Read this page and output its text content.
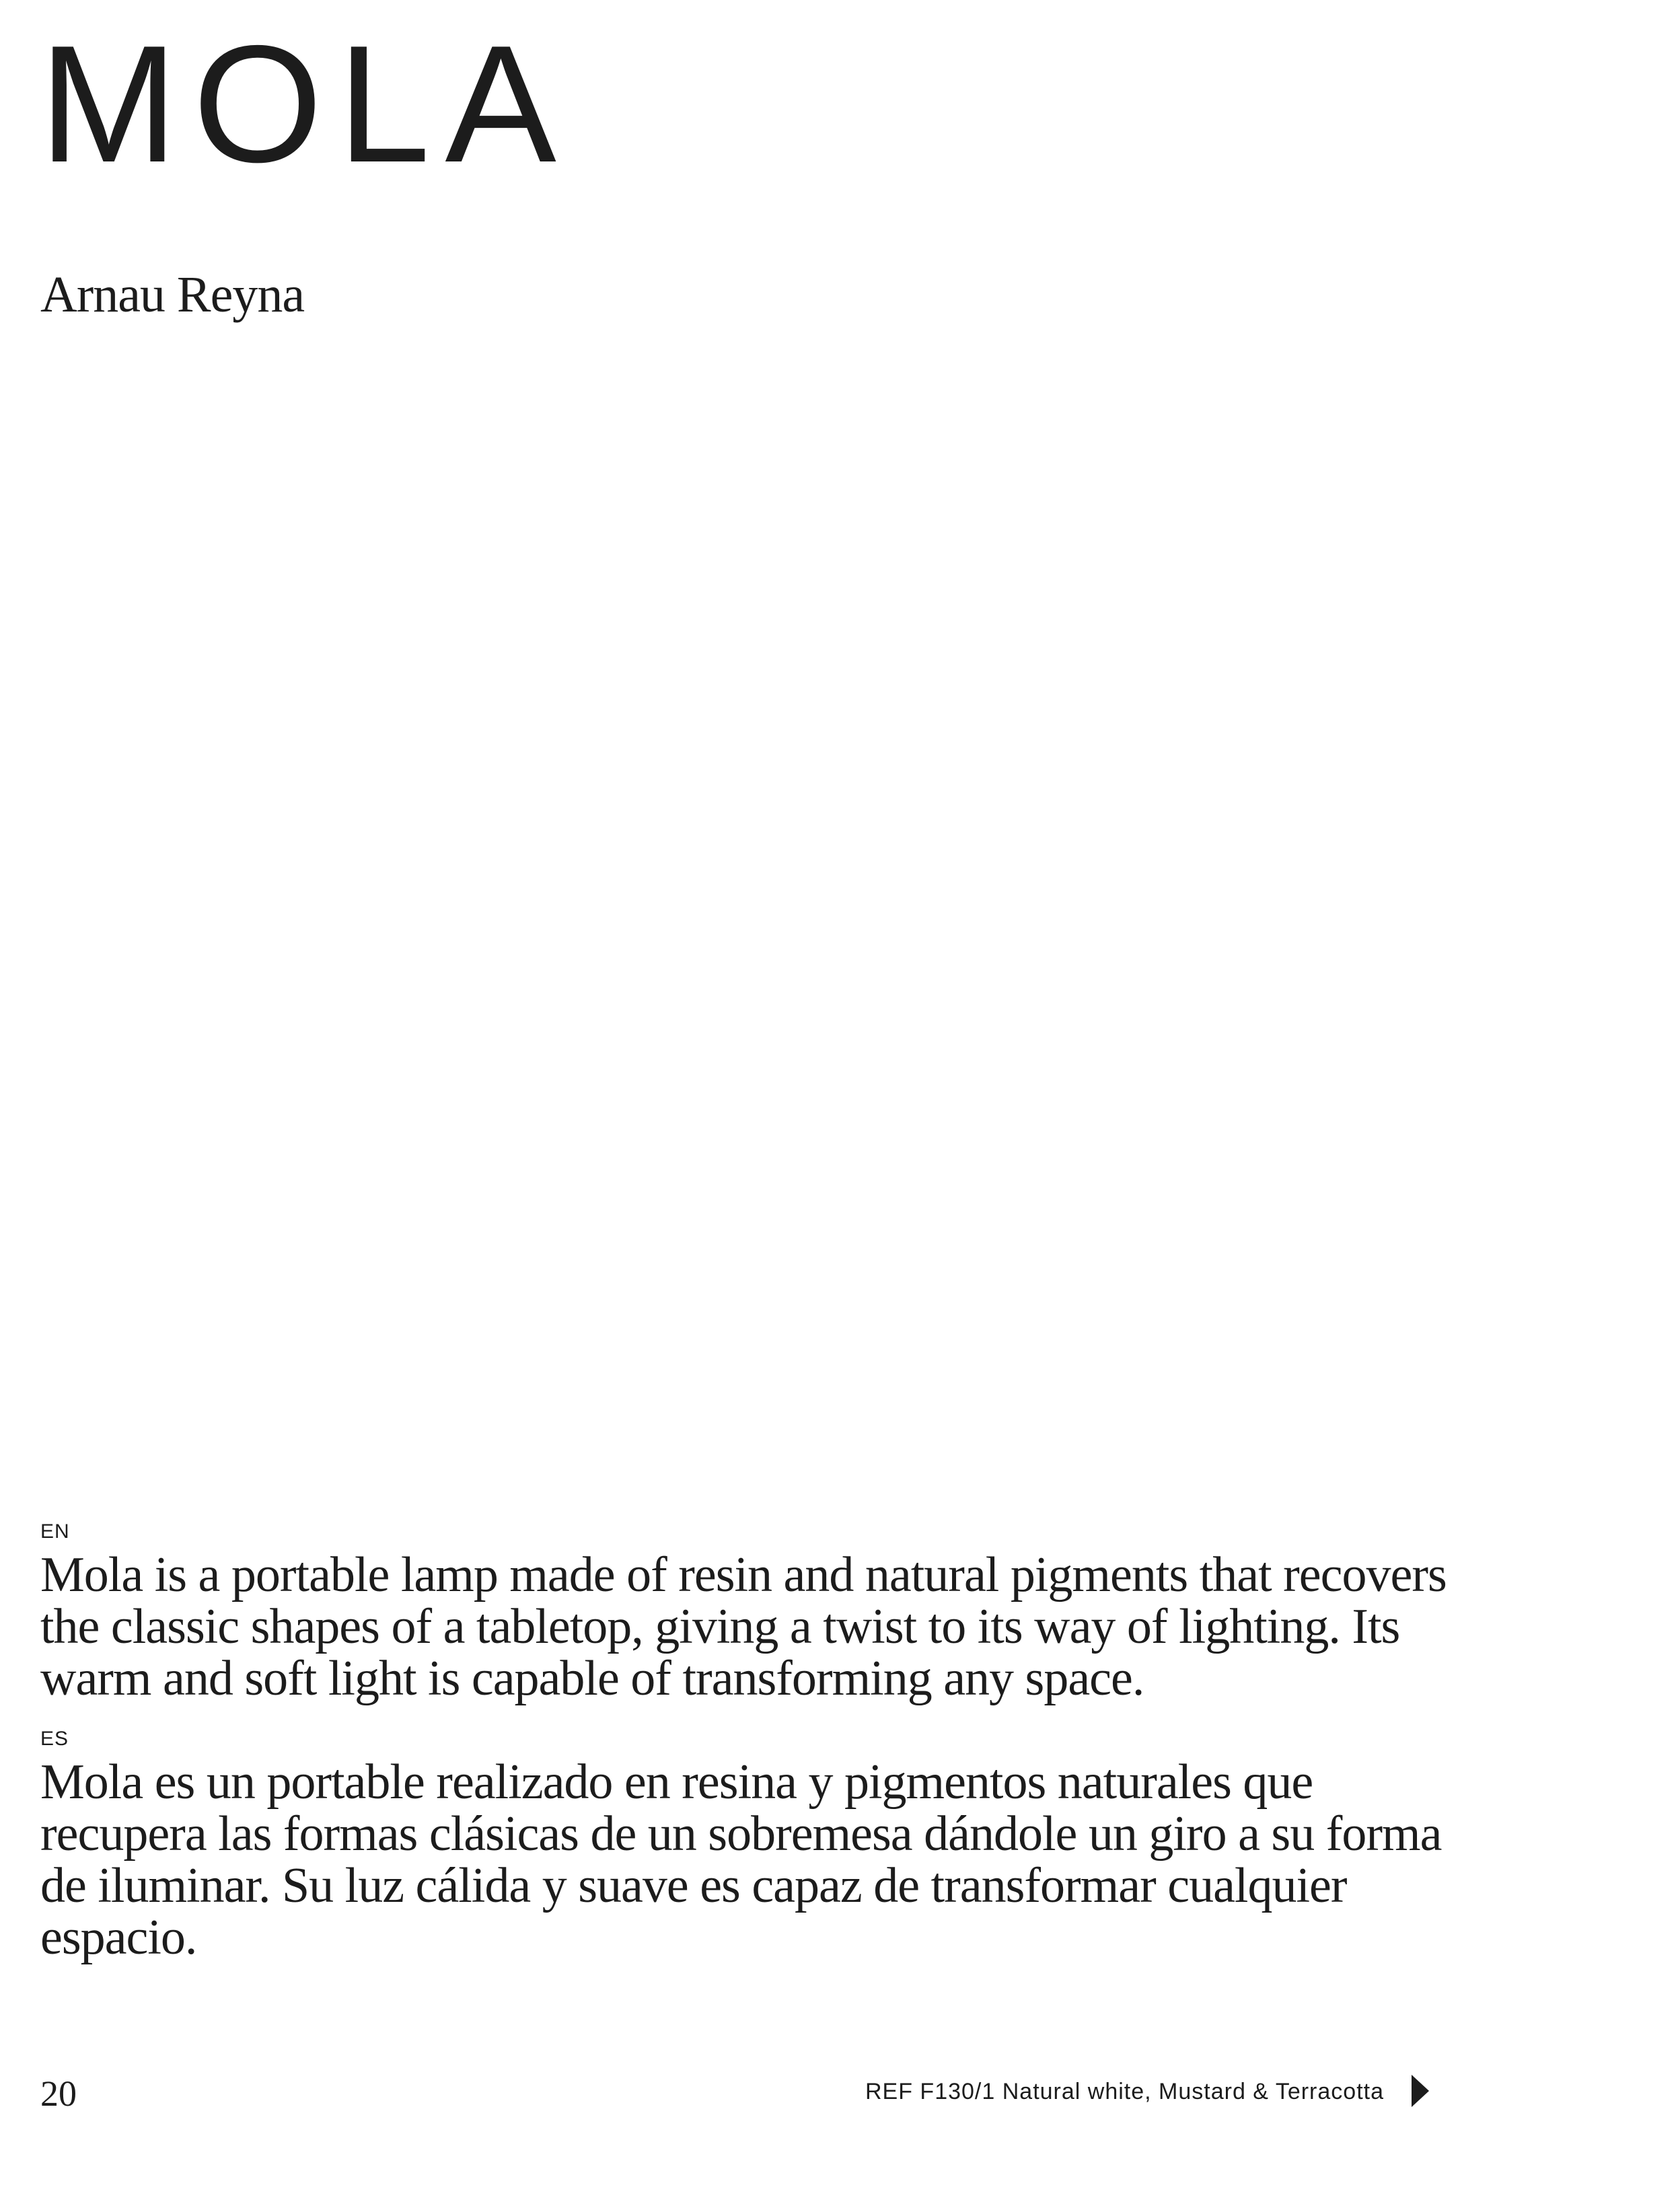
MOLA
Arnau Reyna
EN

Mola is a portable lamp made of resin and natural pigments that recovers the classic shapes of a tabletop, giving a twist to its way of lighting. Its warm and soft light is capable of transforming any space.

ES

Mola es un portable realizado en resina y pigmentos naturales que recupera las formas clásicas de un sobremesa dándole un giro a su forma de iluminar. Su luz cálida y suave es capaz de transformar cualquier espacio.

20	REF F130/1 Natural white, Mustard & Terracotta
